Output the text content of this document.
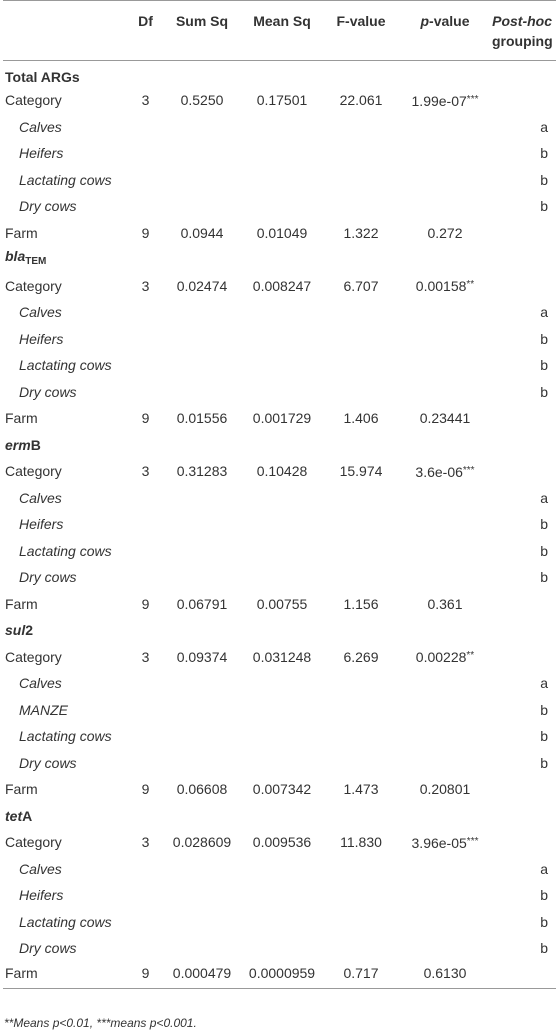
	Df	Sum Sq	Mean Sq	F-value	p-value	Post-hoc
grouping
Total ARGs						
Category	3	0.5250	0.17501	22.061	1.99e-07***	
Calves						a
Heifers						b
Lactating cows						b
Dry cows						b
Farm	9	0.0944	0.01049	1.322	0.272	
bla$_{TEM}$						
Category	3	0.02474	0.008247	6.707	0.00158**	
Calves						a
Heifers						b
Lactating cows						b
Dry cows						b
Farm	9	0.01556	0.001729	1.406	0.23441	
ermB						
Category	3	0.31283	0.10428	15.974	3.6e-06***	
Calves						a
Heifers						b
Lactating cows						b
Dry cows						b
Farm	9	0.06791	0.00755	1.156	0.361	
sul2						
Category	3	0.09374	0.031248	6.269	0.00228**	
Calves						a
MANZE						b
Lactating cows						b
Dry cows						b
Farm	9	0.06608	0.007342	1.473	0.20801	
tetA						
Category	3	0.028609	0.009536	11.830	3.96e-05***	
Calves						a
Heifers						b
Lactating cows						b
Dry cows						b
Farm	9	0.000479	0.0000959	0.717	0.6130	
**Means p<0.01, ***means p<0.001.
